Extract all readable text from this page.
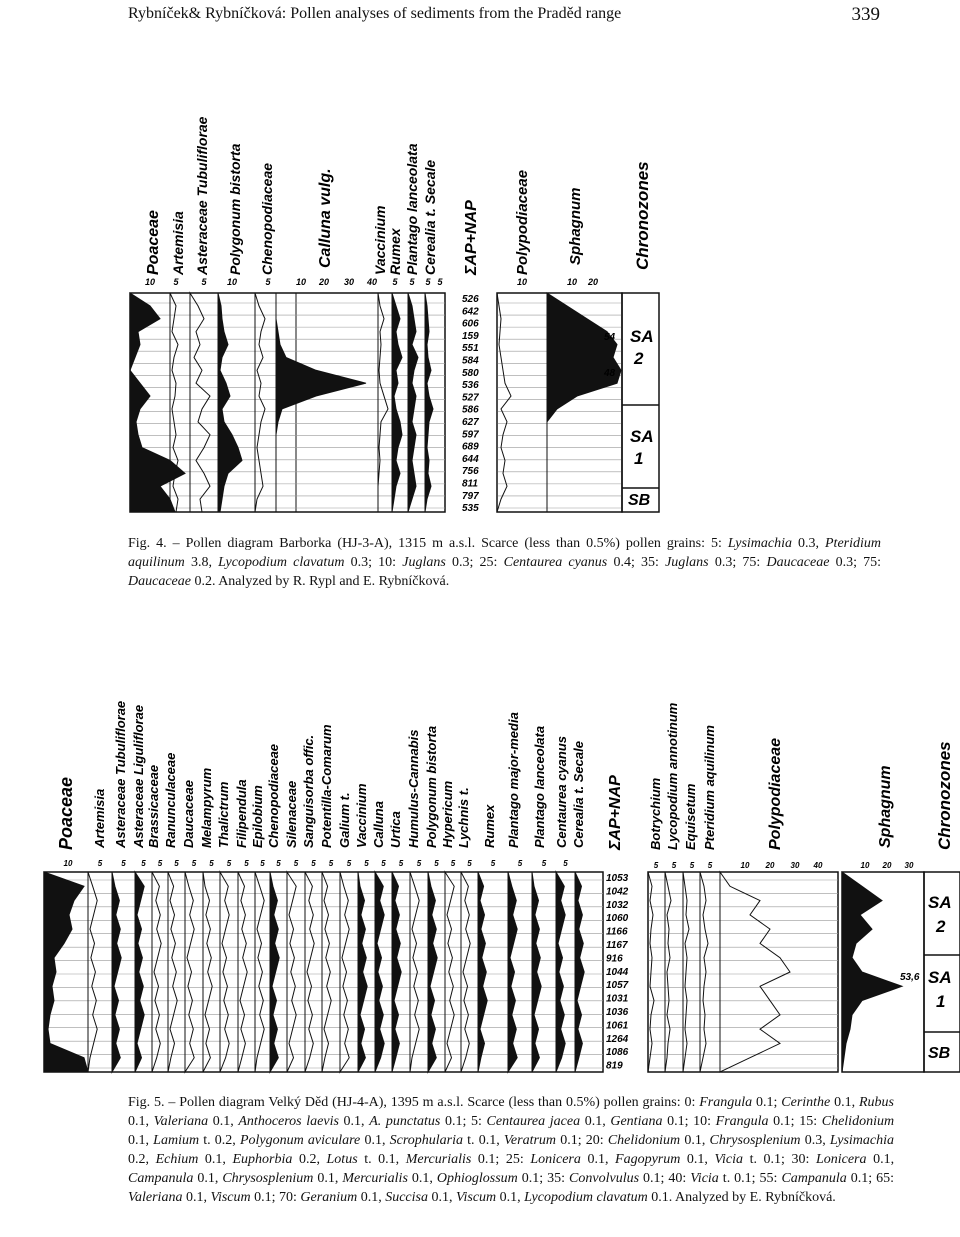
Rybníček& Rybníčková: Pollen analyses of sediments from the Praděd range	339
Poaceae Artemisia Asteraceae Tubuliflorae Polygonum bistorta Chenopodiaceae	Calluna vulg.	Vaccinium Rumex Plantago lanceolata Cerealia t. Secale
10 5	5 10	5	10 20 30 40 5 5 5 5
ΣAP+NAP
526
642
606
159
551
584
580
536
527
586
627
597
689
644
756
811
797
535
Polypodiaceae Sphagnum
10	10 20
54
48
Chronozones
SA
2
SA
1
SB
Fig. 4. – Pollen diagram Barborka (HJ-3-A), 1315 m a.s.l. Scarce (less than 0.5%) pollen grains: 5: Lysimachia 0.3, Pteridium aquilinum 3.8, Lycopodium clavatum 0.3; 10: Juglans 0.3; 25: Centaurea cyanus 0.4; 35: Juglans 0.3; 75: Daucaceae 0.3; 75: Daucaceae 0.2. Analyzed by R. Rypl and E. Rybníčková.
Poaceae Artemisia Asteraceae Tubuliflorae Asteraceae Liguliflorae Brassicaceae Ranunculaceae Daucaceae Melampyrum Thalictrum Filipendula Epilobium Chenopodiaceae Silenaceae Sanguisorba offic. Potentilla-Comarum Galium t. Vaccinium Calluna Urtica Humulus-Cannabis Polygonum bistorta Hypericum Lychnis t. Rumex Plantago major-media Plantago lanceolata Centaurea cyanus Cerealia t. Secale
10	5 5 5 5 5 5 5 5 5 5 5 5 5 5 5 5 5 5 5 5 5 5 5	5 5 5
ΣAP+NAP
1053
1042
1032
1060
1166
1167
916
1044
1057
1031
1036
1061
1264
1086
819
Botrychium Lycopodium annotinum Equisetum Pteridium aquilinum	Polypodiaceae	Sphagnum
5 5 5 5	10 20 30 40	10 20 30
53,6
Chronozones
SA
2
SA
1
SB
Fig. 5. – Pollen diagram Velký Děd (HJ-4-A), 1395 m a.s.l. Scarce (less than 0.5%) pollen grains: 0: Frangula 0.1; Cerinthe 0.1, Rubus 0.1, Valeriana 0.1, Anthoceros laevis 0.1, A. punctatus 0.1; 5: Centaurea jacea 0.1, Gentiana 0.1; 10: Frangula 0.1; 15: Chelidonium 0.1, Lamium t. 0.2, Polygonum aviculare 0.1, Scrophularia t. 0.1, Veratrum 0.1; 20: Chelidonium 0.1, Chrysosplenium 0.3, Lysimachia 0.2, Echium 0.1, Euphorbia 0.2, Lotus t. 0.1, Mercurialis 0.1; 25: Lonicera 0.1, Fagopyrum 0.1, Vicia t. 0.1; 30: Lonicera 0.1, Campanula 0.1, Chrysosplenium 0.1, Mercurialis 0.1, Ophioglossum 0.1; 35: Convolvulus 0.1; 40: Vicia t. 0.1; 55: Campanula 0.1; 65: Valeriana 0.1, Viscum 0.1; 70: Geranium 0.1, Succisa 0.1, Viscum 0.1, Lycopodium clavatum 0.1. Analyzed by E. Rybníčková.
